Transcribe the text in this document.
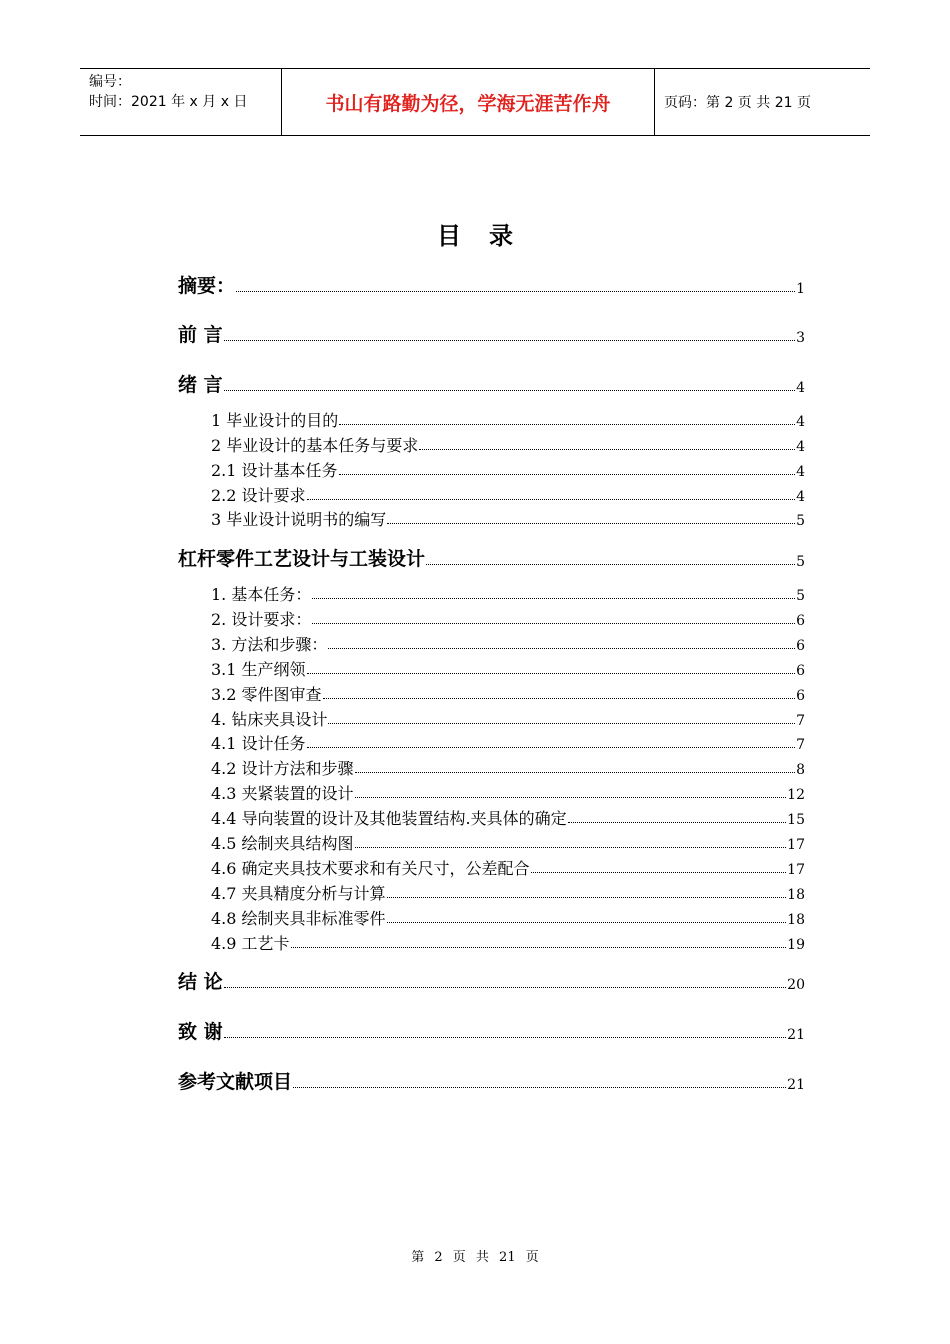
编号：
时间：2021 年 x 月 x 日	书山有路勤为径，学海无涯苦作舟	页码：第 2 页 共 21 页
目录
摘要：	1
前 言	3
绪 言	4
1 毕业设计的目的	4
2 毕业设计的基本任务与要求	4
2.1 设计基本任务	4
2.2 设计要求	4
3 毕业设计说明书的编写	5
杠杆零件工艺设计与工装设计	5
1. 基本任务：	5
2. 设计要求：	6
3. 方法和步骤：	6
3.1 生产纲领	6
3.2 零件图审查	6
4. 钻床夹具设计	7
4.1 设计任务	7
4.2 设计方法和步骤	8
4.3 夹紧装置的设计	12
4.4 导向装置的设计及其他装置结构.夹具体的确定	15
4.5 绘制夹具结构图	17
4.6 确定夹具技术要求和有关尺寸，公差配合	17
4.7 夹具精度分析与计算	18
4.8 绘制夹具非标准零件	18
4.9 工艺卡	19
结 论	20
致 谢	21
参考文献项目	21
第 2 页 共 21 页
